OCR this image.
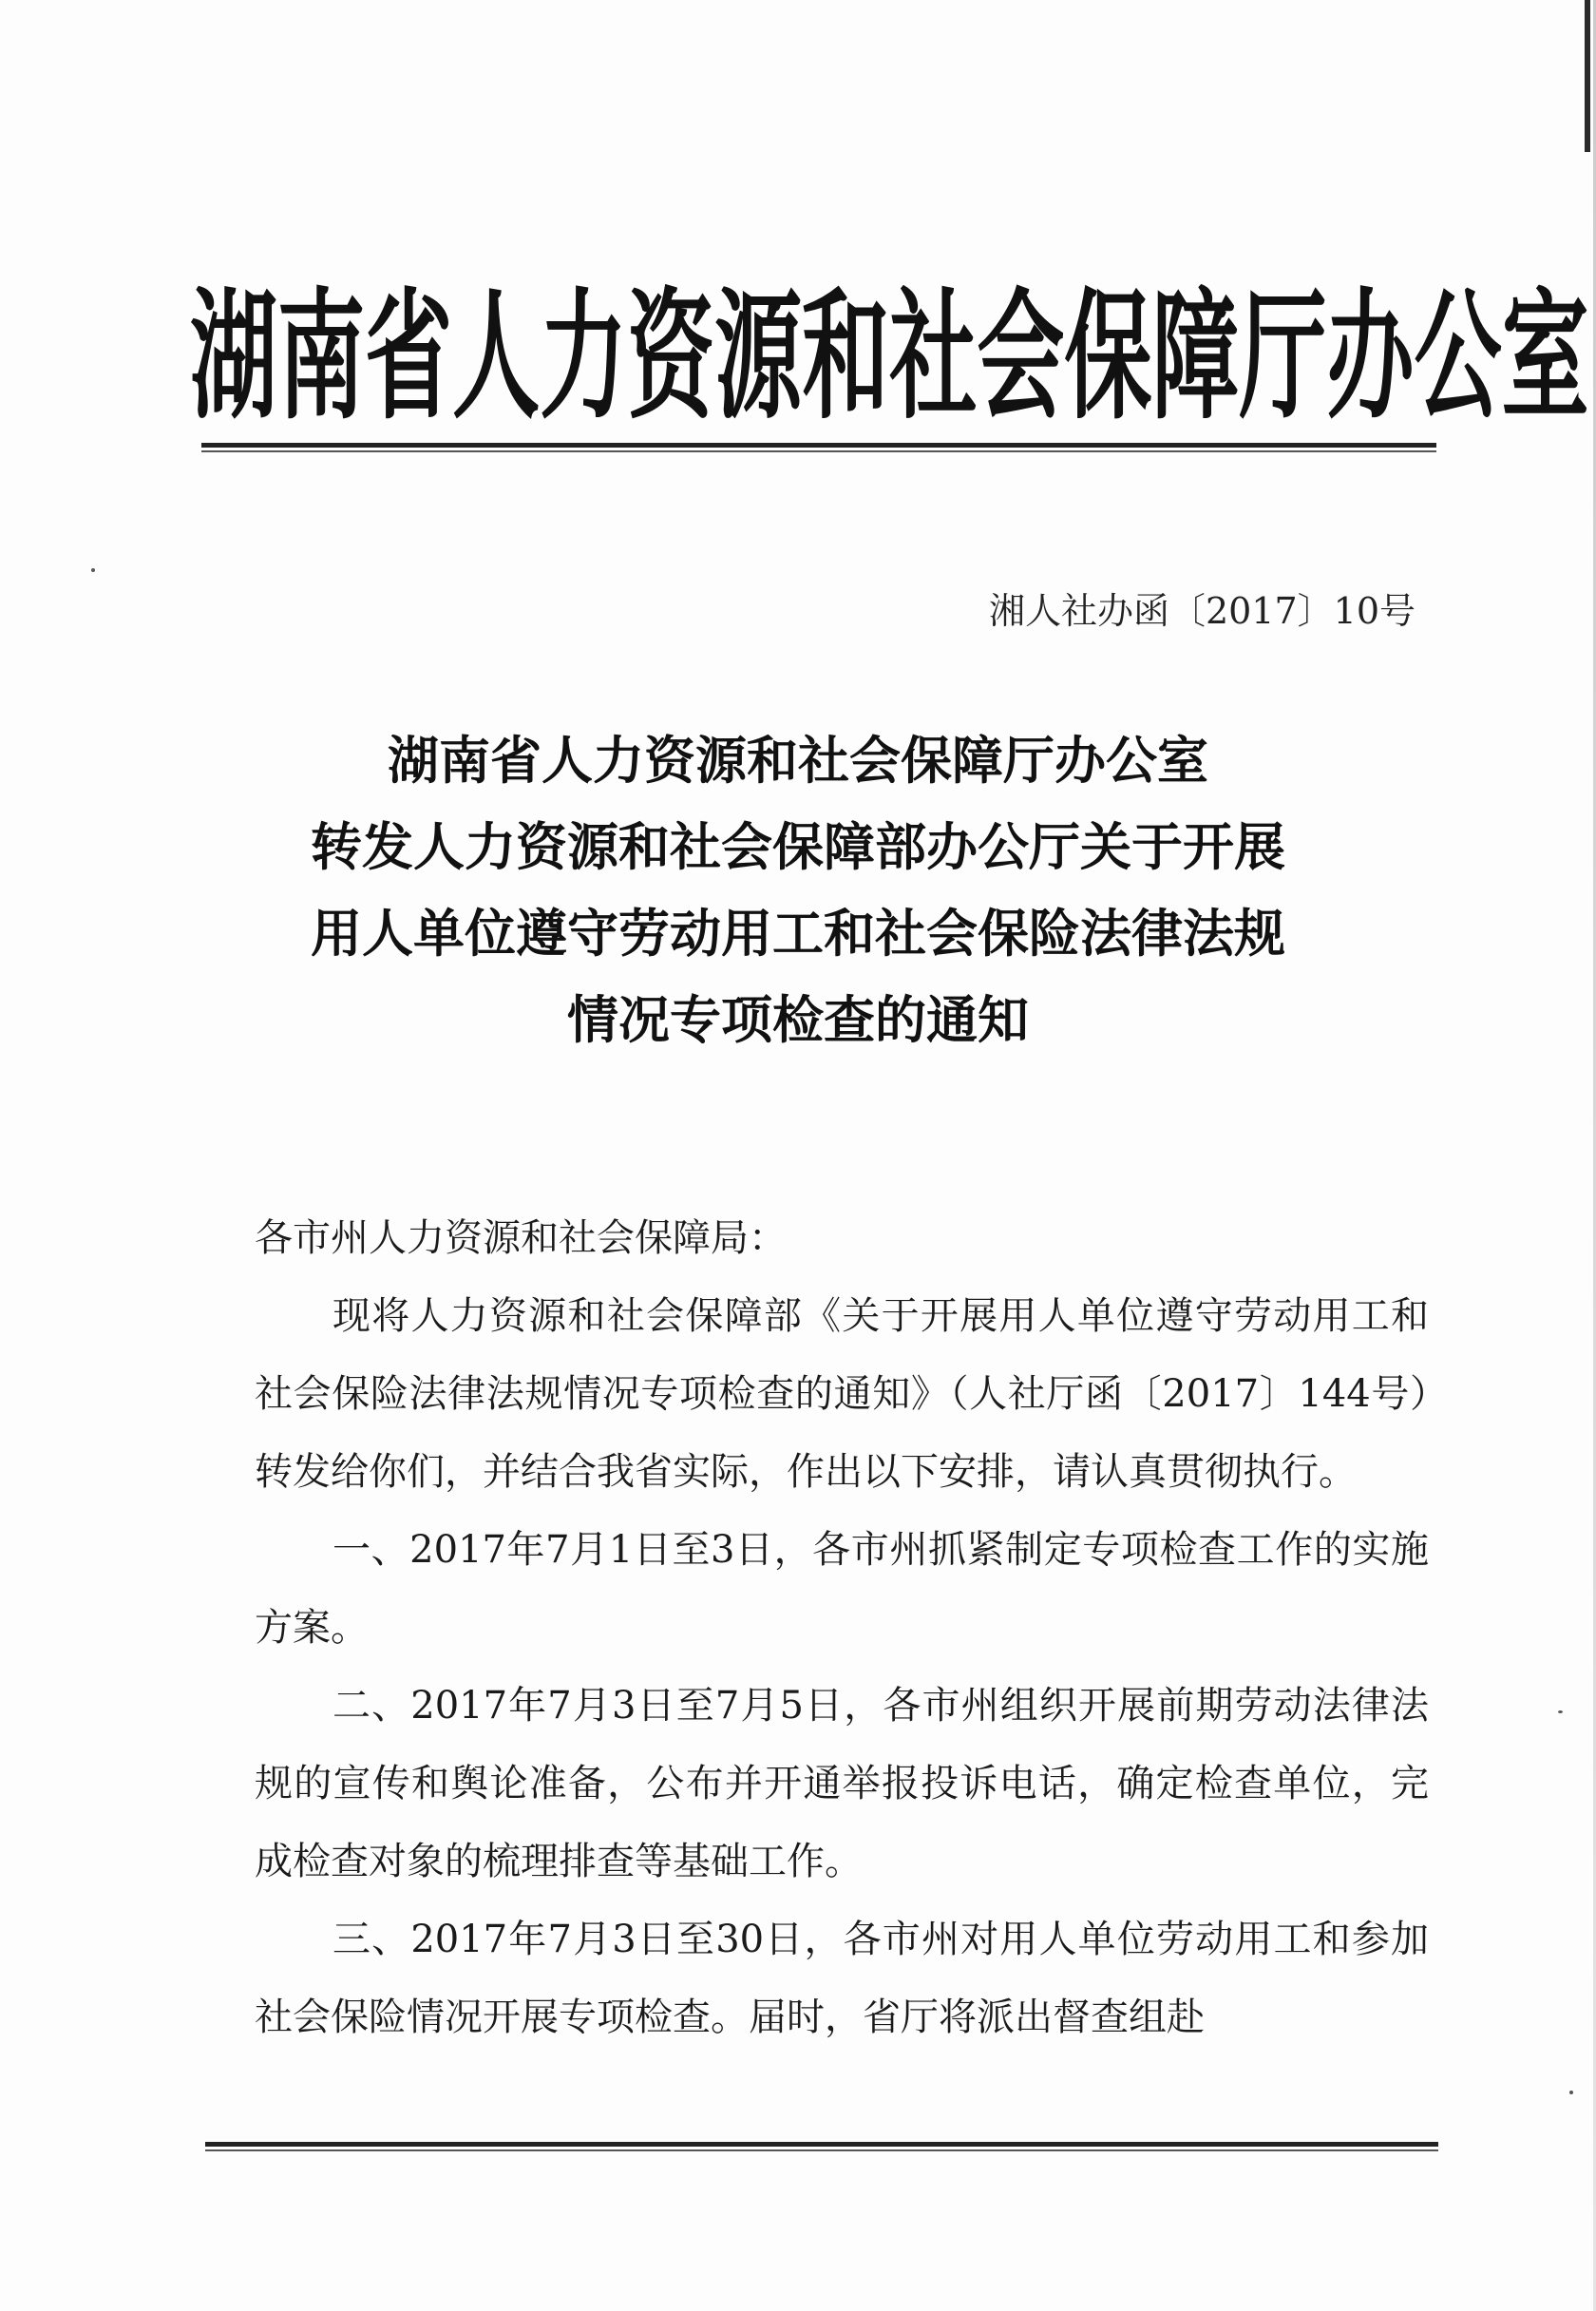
湖南省人力资源和社会保障厅办公室
湘人社办函〔2017〕10号
湖南省人力资源和社会保障厅办公室
转发人力资源和社会保障部办公厅关于开展
用人单位遵守劳动用工和社会保险法律法规
情况专项检查的通知

各市州人力资源和社会保障局：

现将人力资源和社会保障部《关于开展用人单位遵守劳动用工和社会保险法律法规情况专项检查的通知》（人社厅函〔2017〕144号）转发给你们，并结合我省实际，作出以下安排，请认真贯彻执行。

一、2017年7月1日至3日，各市州抓紧制定专项检查工作的实施方案。

二、2017年7月3日至7月5日，各市州组织开展前期劳动法律法规的宣传和舆论准备，公布并开通举报投诉电话，确定检查单位，完成检查对象的梳理排查等基础工作。

三、2017年7月3日至30日，各市州对用人单位劳动用工和参加社会保险情况开展专项检查。届时，省厅将派出督查组赴
